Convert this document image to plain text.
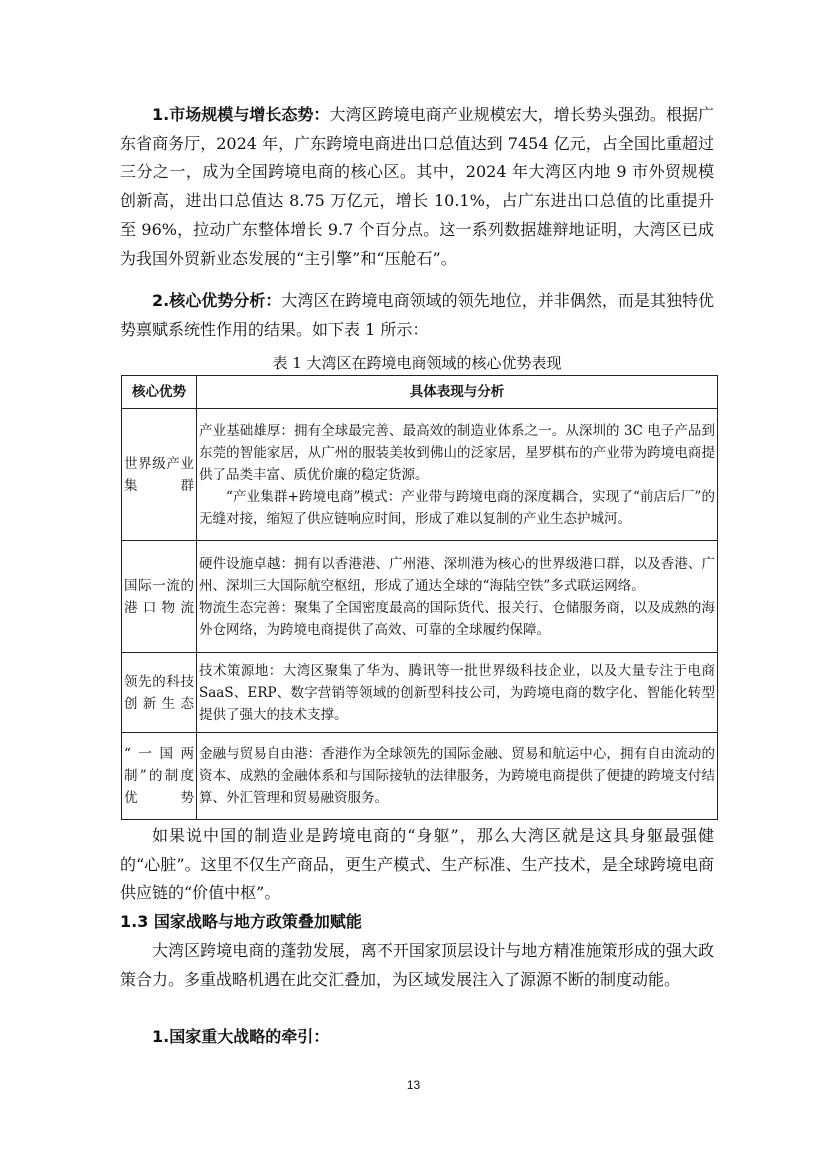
1.市场规模与增长态势：大湾区跨境电商产业规模宏大，增长势头强劲。根据广东省商务厅，2024 年，广东跨境电商进出口总值达到 7454 亿元，占全国比重超过三分之一，成为全国跨境电商的核心区。其中，2024 年大湾区内地 9 市外贸规模创新高，进出口总值达 8.75 万亿元，增长 10.1%，占广东进出口总值的比重提升至 96%，拉动广东整体增长 9.7 个百分点。这一系列数据雄辩地证明，大湾区已成为我国外贸新业态发展的“主引擎”和“压舱石”。

2.核心优势分析：大湾区在跨境电商领域的领先地位，并非偶然，而是其独特优势禀赋系统性作用的结果。如下表 1 所示：

表 1 大湾区在跨境电商领域的核心优势表现
核心优势	具体表现与分析
世界级产业集群	产业基础雄厚：拥有全球最完善、最高效的制造业体系之一。从深圳的 3C 电子产品到东莞的智能家居，从广州的服装美妆到佛山的泛家居，星罗棋布的产业带为跨境电商提供了品类丰富、质优价廉的稳定货源。

“产业集群+跨境电商”模式：产业带与跨境电商的深度耦合，实现了“前店后厂”的无缝对接，缩短了供应链响应时间，形成了难以复制的产业生态护城河。

国际一流的港口物流	硬件设施卓越：拥有以香港港、广州港、深圳港为核心的世界级港口群，以及香港、广州、深圳三大国际航空枢纽，形成了通达全球的“海陆空铁”多式联运网络。

物流生态完善：聚集了全国密度最高的国际货代、报关行、仓储服务商，以及成熟的海外仓网络，为跨境电商提供了高效、可靠的全球履约保障。

领先的科技创新生态	技术策源地：大湾区聚集了华为、腾讯等一批世界级科技企业，以及大量专注于电商 SaaS、ERP、数字营销等领域的创新型科技公司，为跨境电商的数字化、智能化转型提供了强大的技术支撑。

“一国两制”的制度优势	金融与贸易自由港：香港作为全球领先的国际金融、贸易和航运中心，拥有自由流动的资本、成熟的金融体系和与国际接轨的法律服务，为跨境电商提供了便捷的跨境支付结算、外汇管理和贸易融资服务。

如果说中国的制造业是跨境电商的“身躯”，那么大湾区就是这具身躯最强健的“心脏”。这里不仅生产商品，更生产模式、生产标准、生产技术，是全球跨境电商供应链的“价值中枢”。

1.3 国家战略与地方政策叠加赋能

大湾区跨境电商的蓬勃发展，离不开国家顶层设计与地方精准施策形成的强大政策合力。多重战略机遇在此交汇叠加，为区域发展注入了源源不断的制度动能。

1.国家重大战略的牵引：

13
